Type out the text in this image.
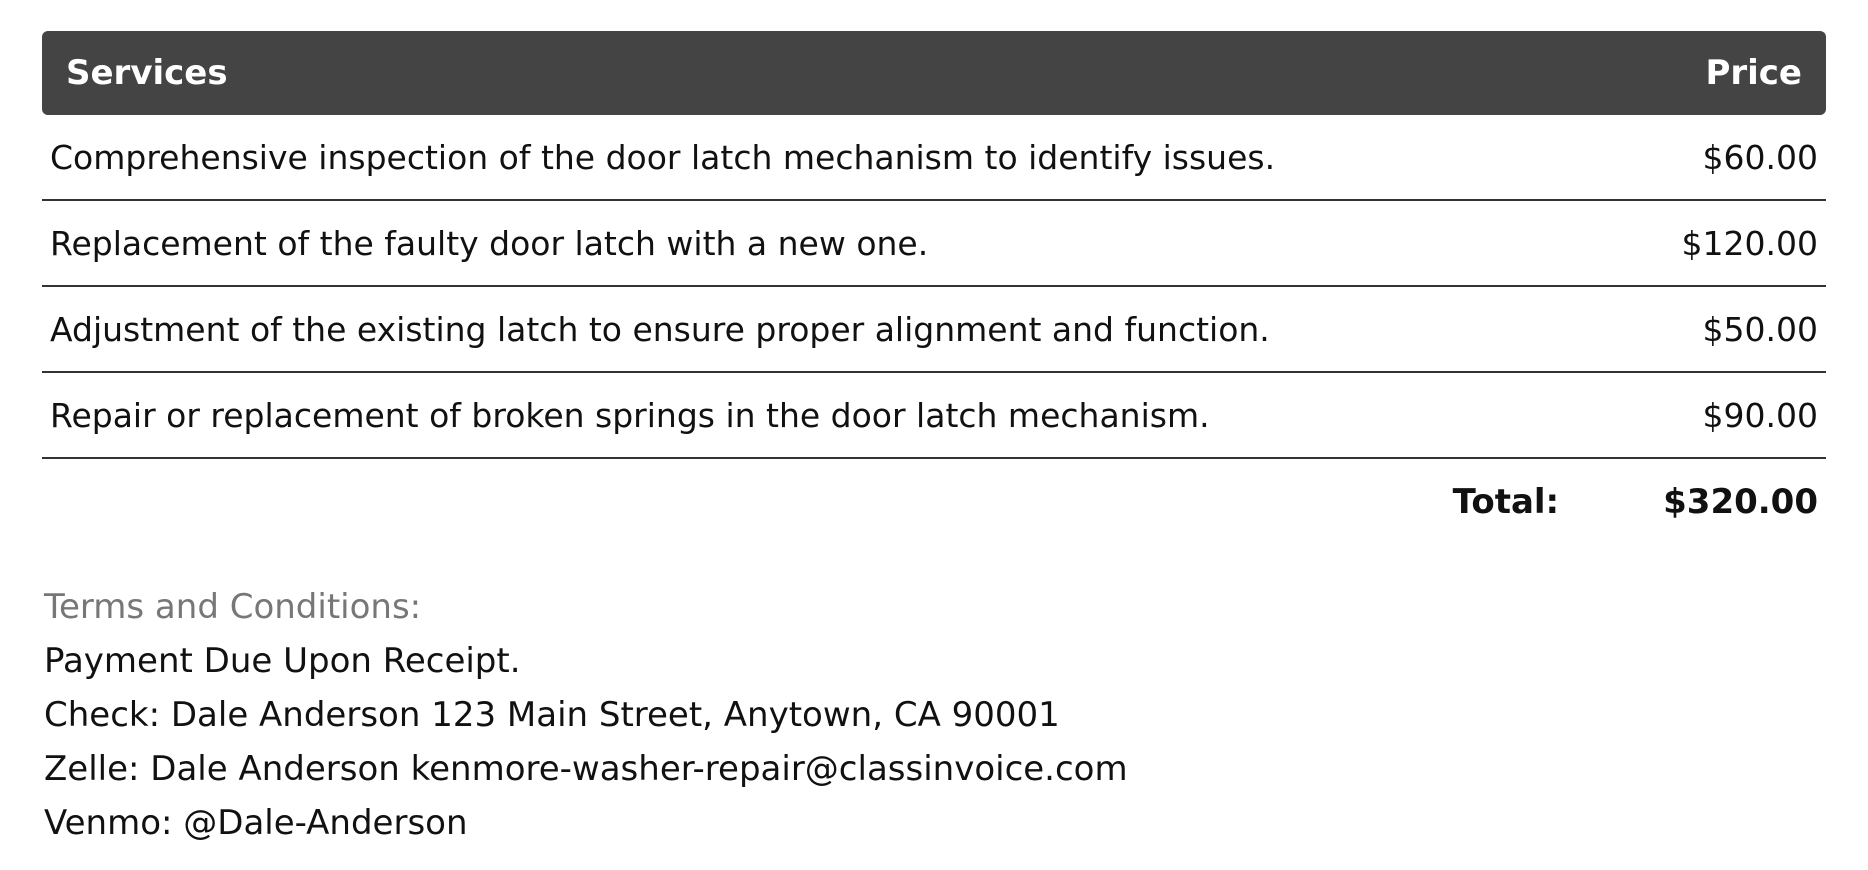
Services	Price
Comprehensive inspection of the door latch mechanism to identify issues.	$60.00
Replacement of the faulty door latch with a new one.	$120.00
Adjustment of the existing latch to ensure proper alignment and function.	$50.00
Repair or replacement of broken springs in the door latch mechanism.	$90.00
Total:	$320.00
Terms and Conditions:
Payment Due Upon Receipt.
Check: Dale Anderson 123 Main Street, Anytown, CA 90001
Zelle: Dale Anderson kenmore-washer-repair@classinvoice.com
Venmo: @Dale-Anderson
